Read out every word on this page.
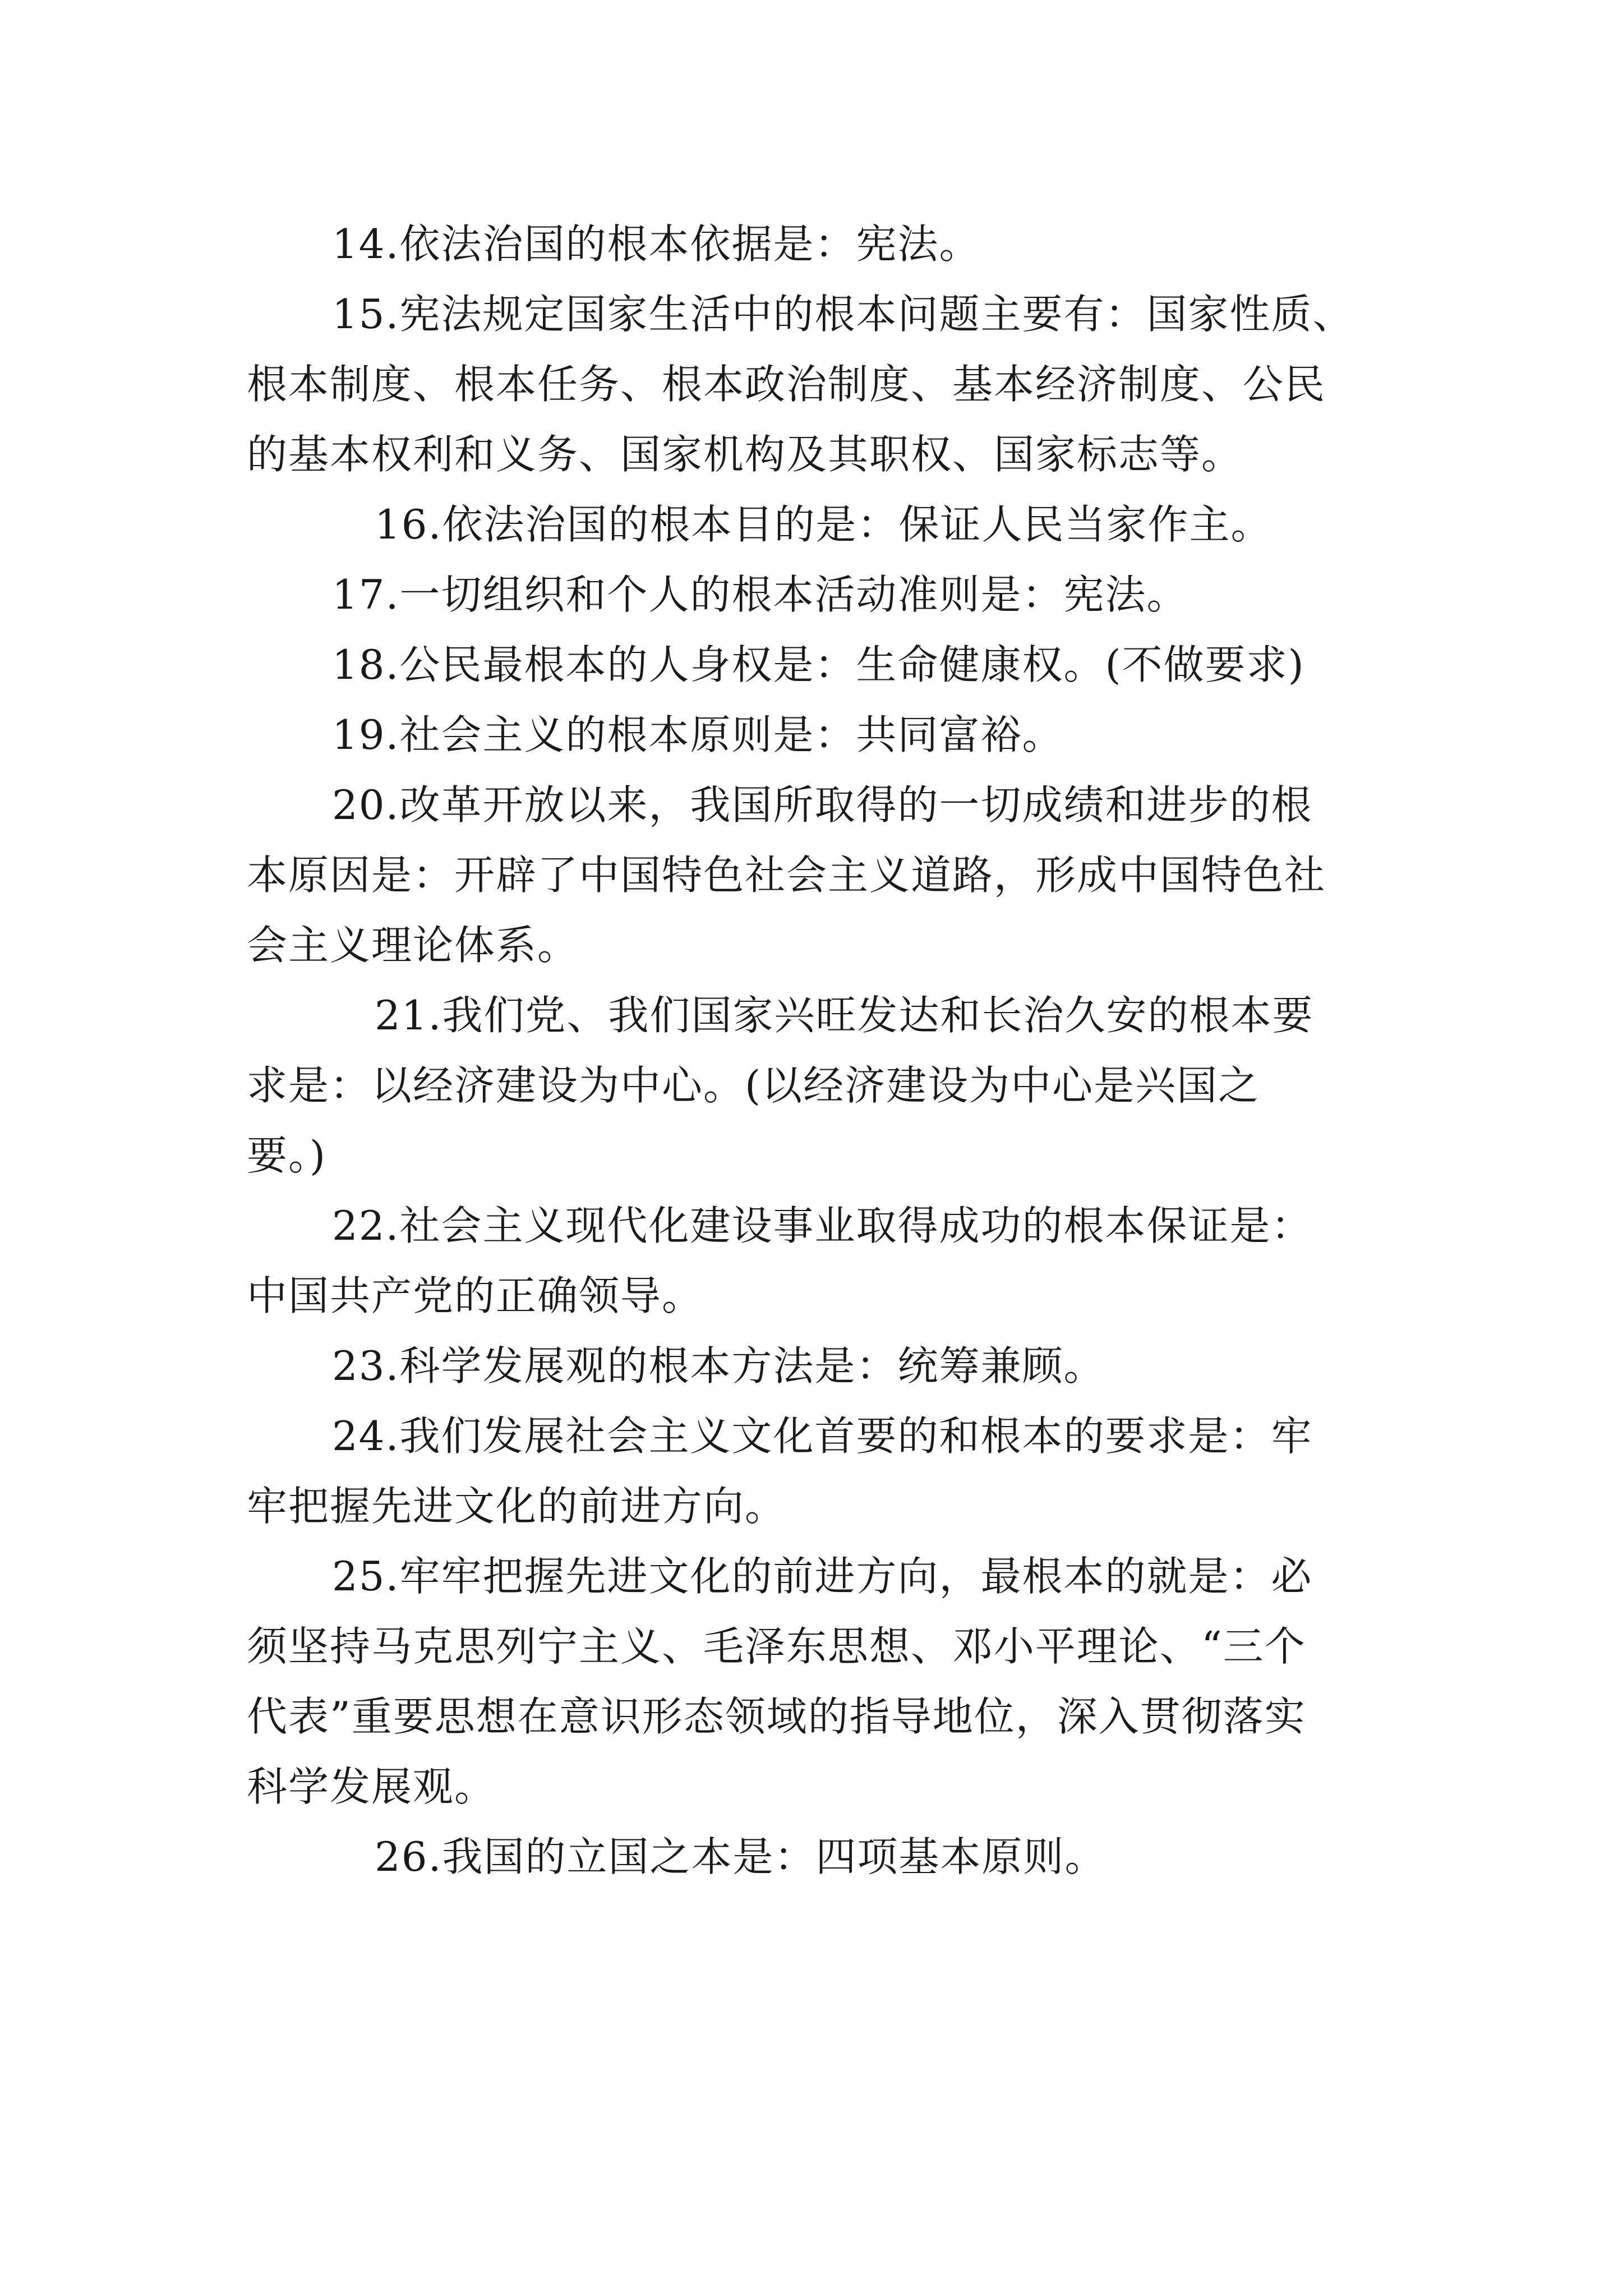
14.依法治国的根本依据是：宪法。
15.宪法规定国家生活中的根本问题主要有：国家性质、
根本制度、根本任务、根本政治制度、基本经济制度、公民
的基本权利和义务、国家机构及其职权、国家标志等。
16.依法治国的根本目的是：保证人民当家作主。
17.一切组织和个人的根本活动准则是：宪法。
18.公民最根本的人身权是：生命健康权。(不做要求)
19.社会主义的根本原则是：共同富裕。
20.改革开放以来，我国所取得的一切成绩和进步的根
本原因是：开辟了中国特色社会主义道路，形成中国特色社
会主义理论体系。
21.我们党、我们国家兴旺发达和长治久安的根本要
求是：以经济建设为中心。(以经济建设为中心是兴国之
要。)
22.社会主义现代化建设事业取得成功的根本保证是：
中国共产党的正确领导。
23.科学发展观的根本方法是：统筹兼顾。
24.我们发展社会主义文化首要的和根本的要求是：牢
牢把握先进文化的前进方向。
25.牢牢把握先进文化的前进方向，最根本的就是：必
须坚持马克思列宁主义、毛泽东思想、邓小平理论、“三个
代表”重要思想在意识形态领域的指导地位，深入贯彻落实
科学发展观。
26.我国的立国之本是：四项基本原则。
